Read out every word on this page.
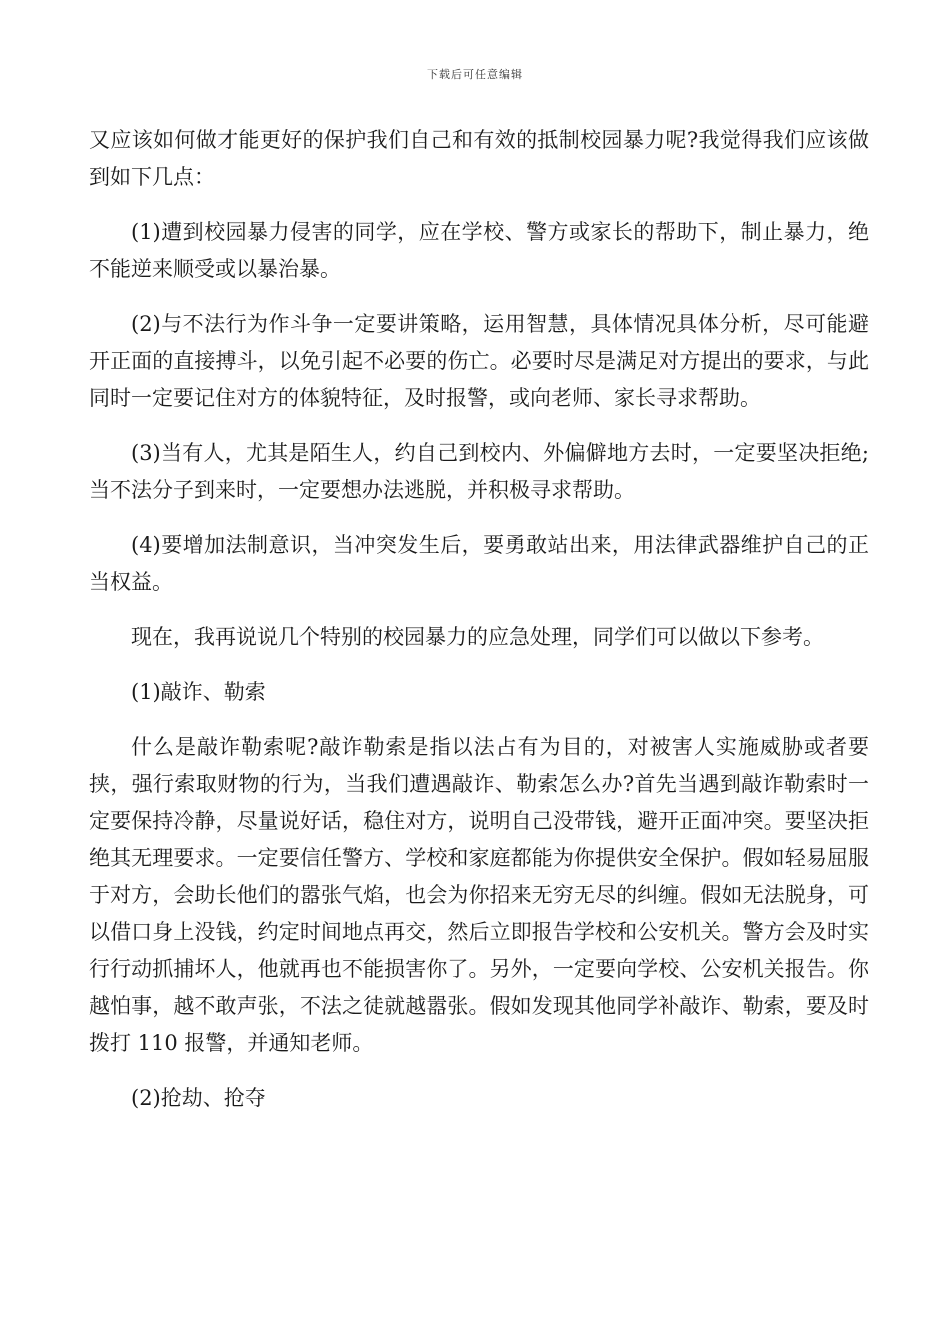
下载后可任意编辑

又应该如何做才能更好的保护我们自己和有效的抵制校园暴力呢?我觉得我们应该做到如下几点：

(1)遭到校园暴力侵害的同学，应在学校、警方或家长的帮助下，制止暴力，绝不能逆来顺受或以暴治暴。

(2)与不法行为作斗争一定要讲策略，运用智慧，具体情况具体分析，尽可能避开正面的直接搏斗，以免引起不必要的伤亡。必要时尽是满足对方提出的要求，与此同时一定要记住对方的体貌特征，及时报警，或向老师、家长寻求帮助。

(3)当有人，尤其是陌生人，约自己到校内、外偏僻地方去时，一定要坚决拒绝;当不法分子到来时，一定要想办法逃脱，并积极寻求帮助。

(4)要增加法制意识，当冲突发生后，要勇敢站出来，用法律武器维护自己的正当权益。

现在，我再说说几个特别的校园暴力的应急处理，同学们可以做以下参考。

(1)敲诈、勒索

什么是敲诈勒索呢?敲诈勒索是指以法占有为目的，对被害人实施威胁或者要挟，强行索取财物的行为，当我们遭遇敲诈、勒索怎么办?首先当遇到敲诈勒索时一定要保持冷静，尽量说好话，稳住对方，说明自己没带钱，避开正面冲突。要坚决拒绝其无理要求。一定要信任警方、学校和家庭都能为你提供安全保护。假如轻易屈服于对方，会助长他们的嚣张气焰，也会为你招来无穷无尽的纠缠。假如无法脱身，可以借口身上没钱，约定时间地点再交，然后立即报告学校和公安机关。警方会及时实行行动抓捕坏人，他就再也不能损害你了。另外，一定要向学校、公安机关报告。你越怕事，越不敢声张，不法之徒就越嚣张。假如发现其他同学补敲诈、勒索，要及时拨打 110 报警，并通知老师。

(2)抢劫、抢夺
